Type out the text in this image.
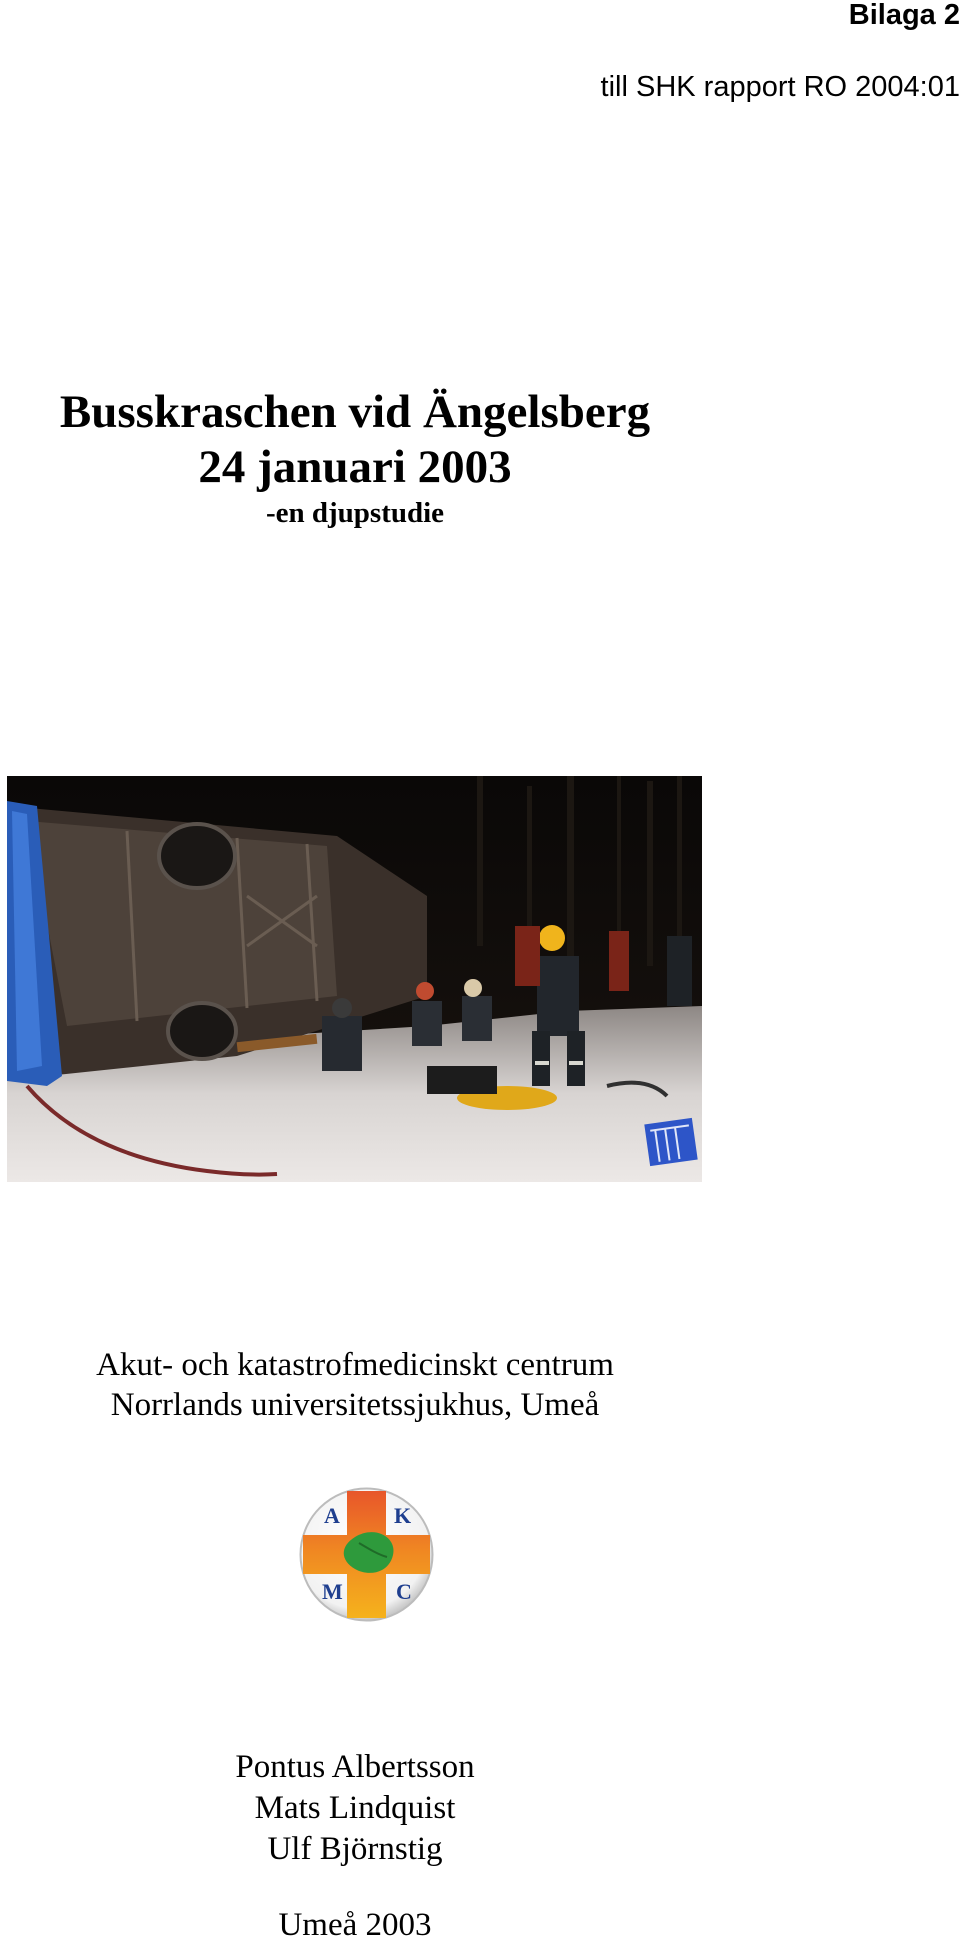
Bilaga 2
till SHK rapport RO 2004:01
Busskraschen vid Ängelsberg
24 januari 2003
-en djupstudie
Akut- och katastrofmedicinskt centrum
Norrlands universitetssjukhus, Umeå
A K
M C
Pontus Albertsson
Mats Lindquist
Ulf Björnstig
Umeå 2003
